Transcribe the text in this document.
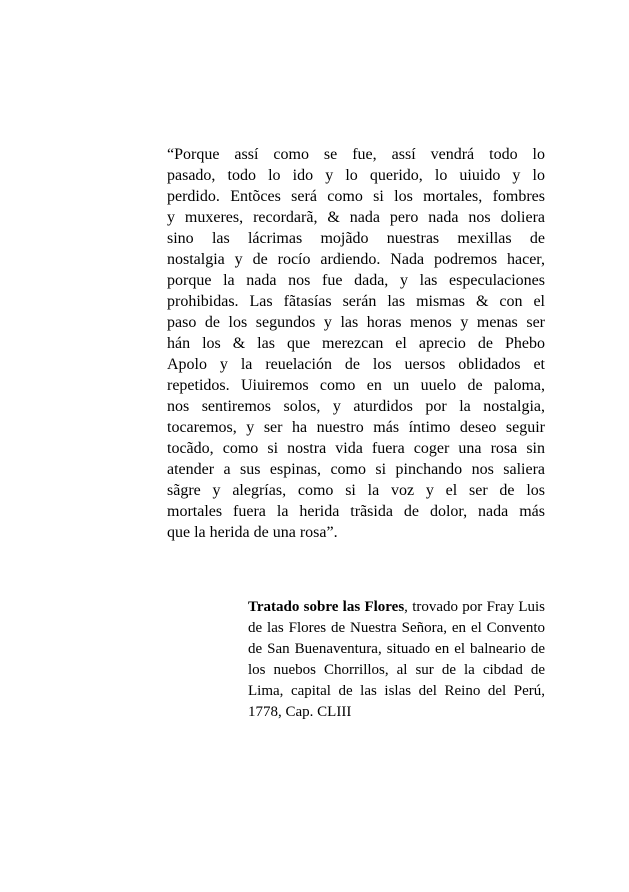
“Porque assí como se fue, assí vendrá todo lo
pasado, todo lo ido y lo querido, lo uiuido y lo
perdido. Entõces será como si los mortales, fombres
y muxeres, recordarã, & nada pero nada nos doliera
sino las lácrimas mojãdo nuestras mexillas de
nostalgia y de rocío ardiendo. Nada podremos hacer,
porque la nada nos fue dada, y las especulaciones
prohibidas. Las fãtasías serán las mismas & con el
paso de los segundos y las horas menos y menas ser
hán los & las que merezcan el aprecio de Phebo
Apolo y la reuelación de los uersos oblidados et
repetidos. Uiuiremos como en un uuelo de paloma,
nos sentiremos solos, y aturdidos por la nostalgia,
tocaremos, y ser ha nuestro más íntimo deseo seguir
tocãdo, como si nostra vida fuera coger una rosa sin
atender a sus espinas, como si pinchando nos saliera
sãgre y alegrías, como si la voz y el ser de los
mortales fuera la herida trãsida de dolor, nada más
que la herida de una rosa”.
Tratado sobre las Flores, trovado por Fray Luis
de las Flores de Nuestra Señora, en el Convento
de San Buenaventura, situado en el balneario de
los nuebos Chorrillos, al sur de la cibdad de
Lima, capital de las islas del Reino del Perú,
1778, Cap. CLIII
